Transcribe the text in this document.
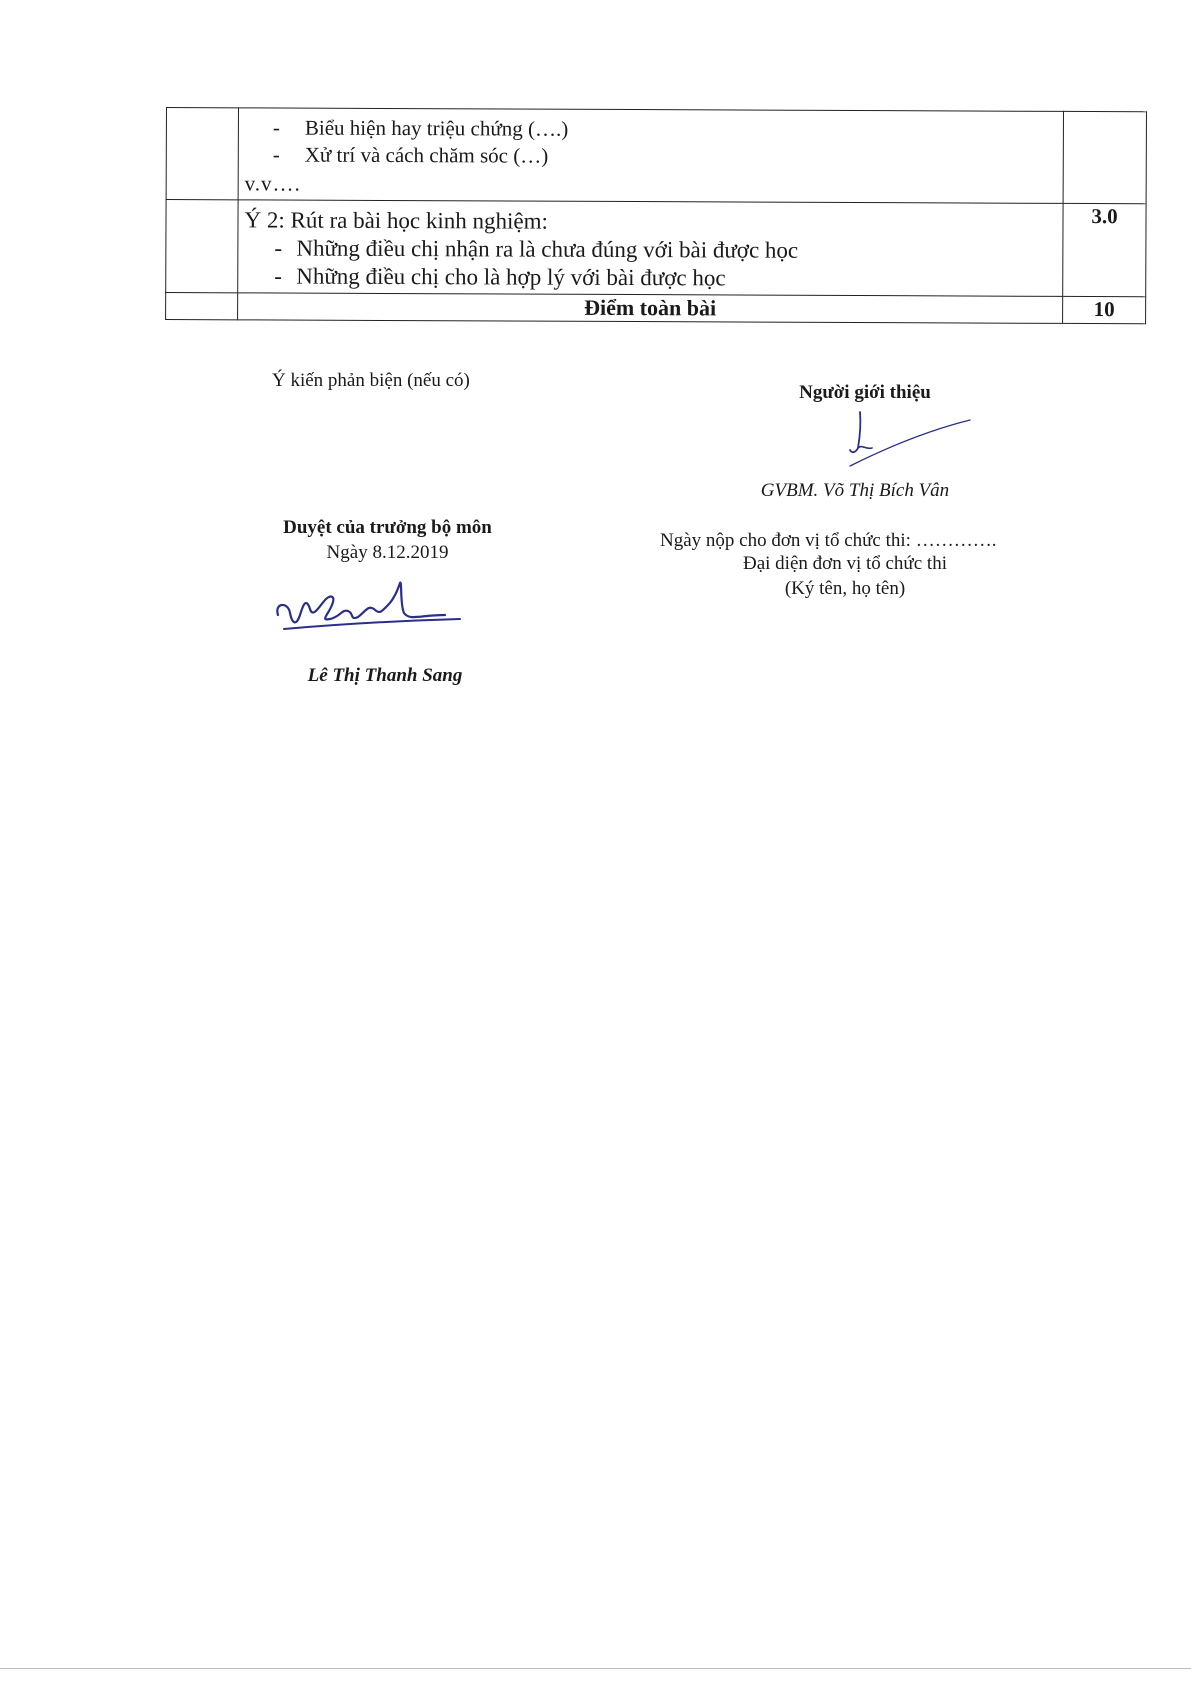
	- Biểu hiện hay triệu chứng (….)
- Xử trí và cách chăm sóc (…)
v.v….	

	Ý 2: Rút ra bài học kinh nghiệm:
- Những điều chị nhận ra là chưa đúng với bài được học
- Những điều chị cho là hợp lý với bài được học	3.0
	Điểm toàn bài	10
Ý kiến phản biện (nếu có)
Duyệt của trưởng bộ môn
Ngày 8.12.2019
Lê Thị Thanh Sang
Người giới thiệu
GVBM. Võ Thị Bích Vân
Ngày nộp cho đơn vị tổ chức thi: ………….
Đại diện đơn vị tổ chức thi
(Ký tên, họ tên)
